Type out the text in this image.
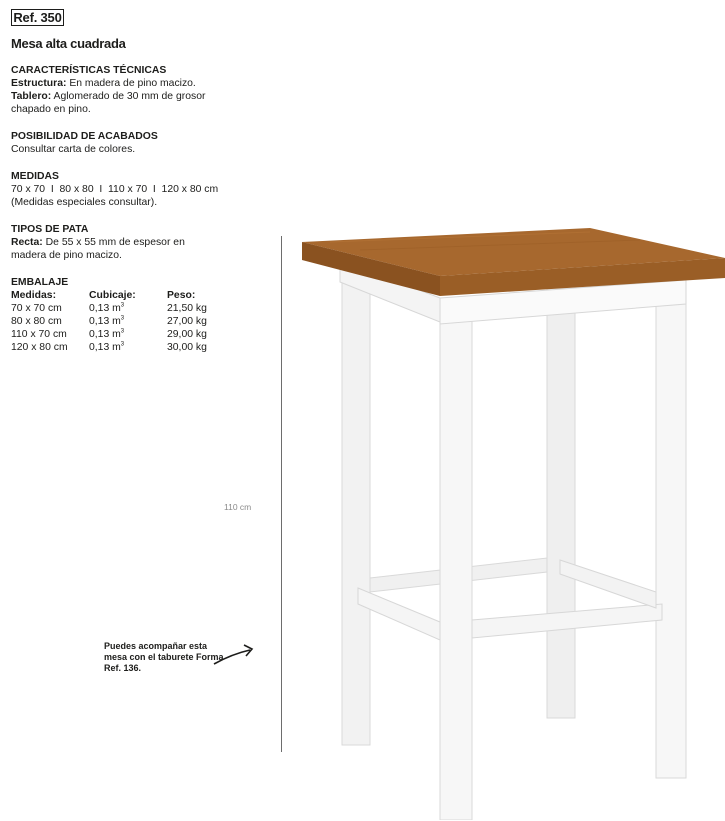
Ref. 350
Mesa alta cuadrada
CARACTERÍSTICAS TÉCNICAS
Estructura: En madera de pino macizo.
Tablero: Aglomerado de 30 mm de grosor
chapado en pino.
POSIBILIDAD DE ACABADOS
Consultar carta de colores.
MEDIDAS
70 x 70  I  80 x 80  I  110 x 70  I  120 x 80 cm
(Medidas especiales consultar).
TIPOS DE PATA
Recta: De 55 x 55 mm de espesor en
madera de pino macizo.
EMBALAJE
Medidas:	Cubicaje:	Peso:
70 x 70 cm	0,13 $m^3$	21,50 kg
80 x 80 cm	0,13 $m^3$	27,00 kg
110 x 70 cm	0,13 $m^3$	29,00 kg
120 x 80 cm	0,13 $m^3$	30,00 kg
110 cm
Puedes acompañar esta mesa con el taburete Forma Ref. 136.
